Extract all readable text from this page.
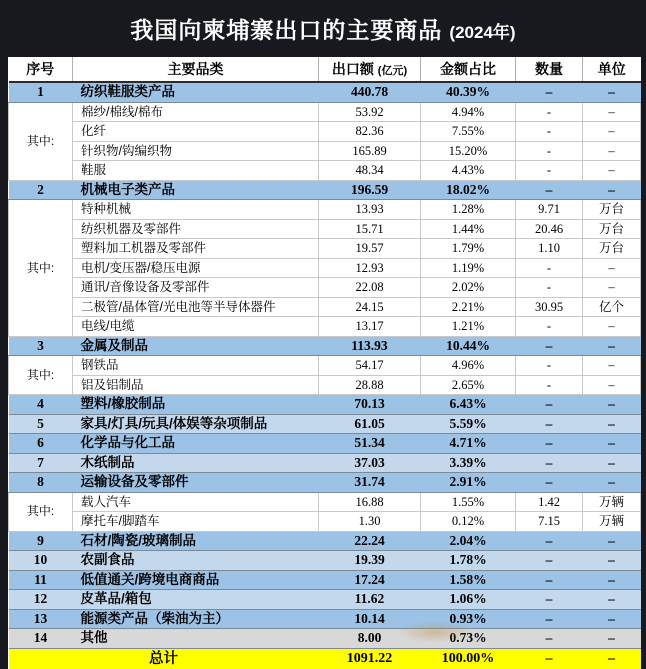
我国向柬埔寨出口的主要商品 (2024年)
序号	主要品类	出口额 (亿元)	金额占比	数量	单位
1	纺织鞋服类产品	440.78	40.39%	–	–
其中:	棉纱/棉线/棉布	53.92	4.94%	-	–
	化纤	82.36	7.55%	-	–
	针织物/钩编织物	165.89	15.20%	-	–
	鞋服	48.34	4.43%	-	–
2	机械电子类产品	196.59	18.02%	–	–
其中:	特种机械	13.93	1.28%	9.71	万台
	纺织机器及零部件	15.71	1.44%	20.46	万台
	塑料加工机器及零部件	19.57	1.79%	1.10	万台
	电机/变压器/稳压电源	12.93	1.19%	-	–
	通讯/音像设备及零部件	22.08	2.02%	-	–
	二极管/晶体管/光电池等半导体器件	24.15	2.21%	30.95	亿个
	电线/电缆	13.17	1.21%	-	–
3	金属及制品	113.93	10.44%	–	–
其中:	钢铁品	54.17	4.96%	-	–
	铝及铝制品	28.88	2.65%	-	–
4	塑料/橡胶制品	70.13	6.43%	–	–
5	家具/灯具/玩具/体娱等杂项制品	61.05	5.59%	–	–
6	化学品与化工品	51.34	4.71%	–	–
7	木纸制品	37.03	3.39%	–	–
8	运输设备及零部件	31.74	2.91%	–	–
其中:	载人汽车	16.88	1.55%	1.42	万辆
	摩托车/脚踏车	1.30	0.12%	7.15	万辆
9	石材/陶瓷/玻璃制品	22.24	2.04%	–	–
10	农副食品	19.39	1.78%	–	–
11	低值通关/跨境电商商品	17.24	1.58%	–	–
12	皮革品/箱包	11.62	1.06%	–	–
13	能源类产品（柴油为主）	10.14	0.93%	–	–
14	其他	8.00	0.73%	–	–
总计		1091.22	100.00%	–	–
